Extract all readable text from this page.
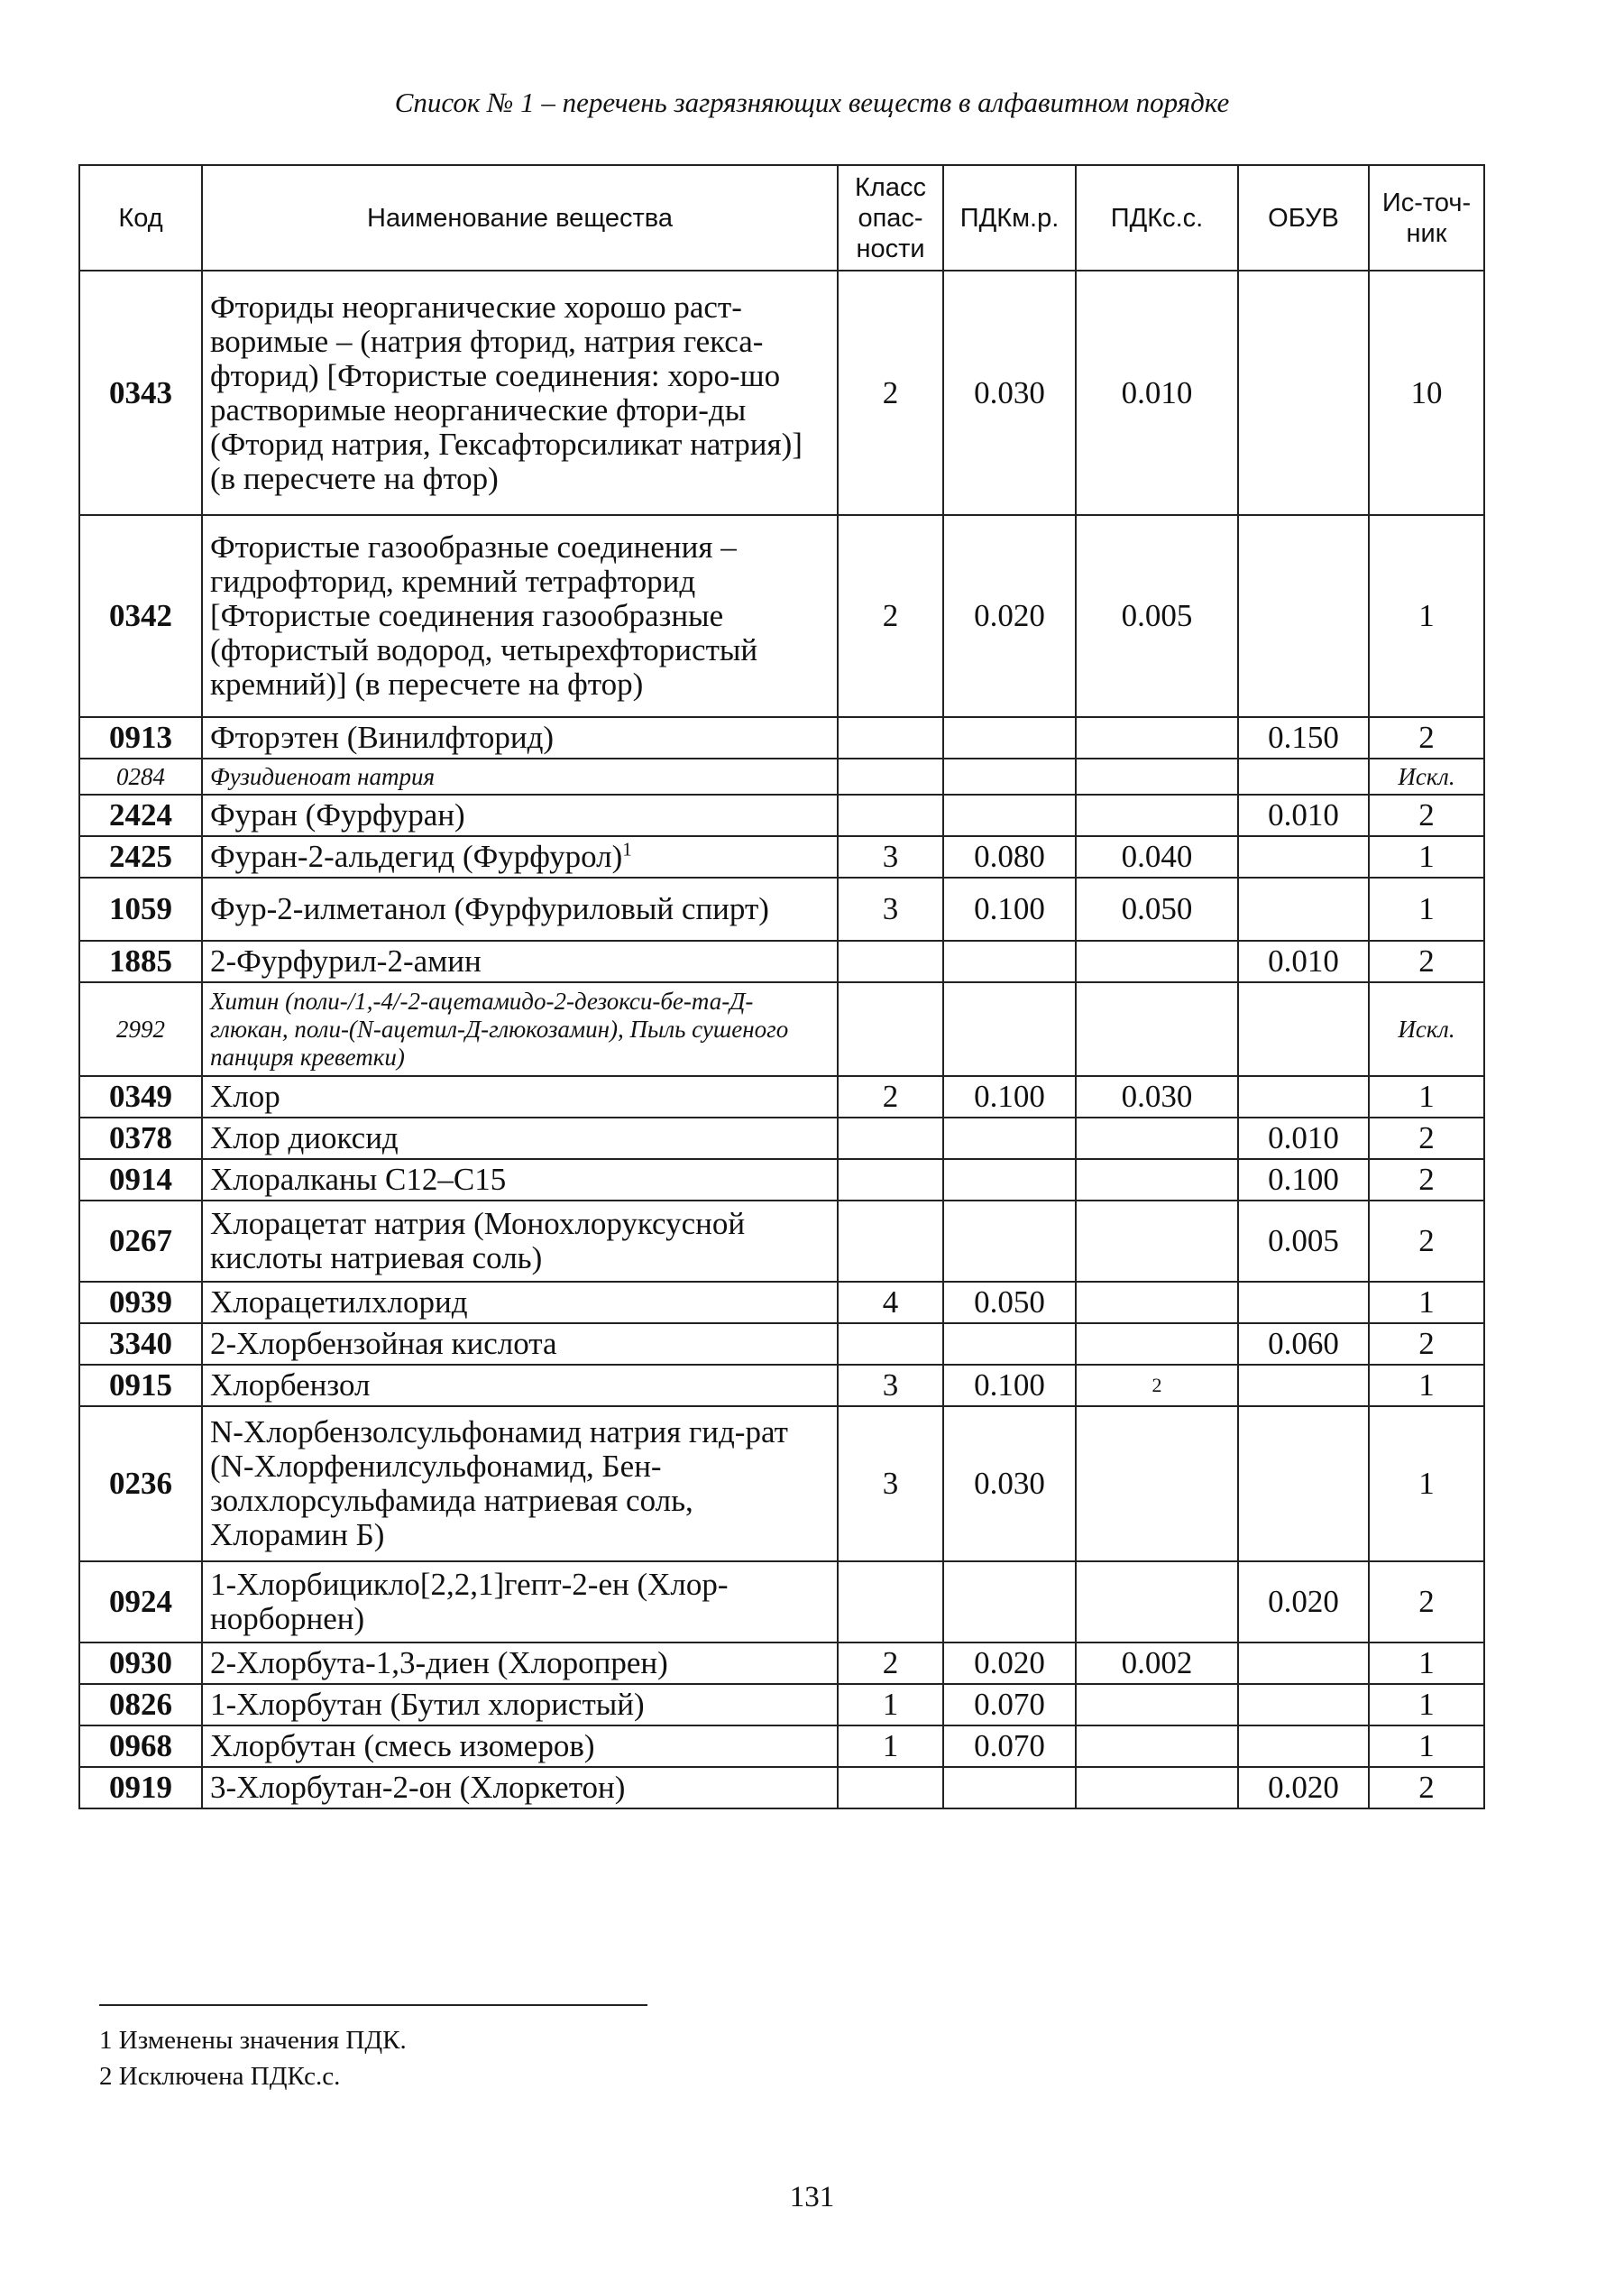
Список № 1 – перечень загрязняющих веществ в алфавитном порядке
Код	Наименование вещества	Класс опас-ности	ПДКм.р.	ПДКс.с.	ОБУВ	Ис-точ-ник
0343	Фториды неорганические хорошо раст-воримые – (натрия фторид, натрия гекса-фторид) [Фтористые соединения: хоро-шо растворимые неорганические фтори-ды (Фторид натрия, Гексафторсиликат натрия)] (в пересчете на фтор)	2	0.030	0.010		10
0342	Фтористые газообразные соединения – гидрофторид, кремний тетрафторид [Фтористые соединения газообразные (фтористый водород, четырехфтористый кремний)] (в пересчете на фтор)	2	0.020	0.005		1
0913	Фторэтен (Винилфторид)				0.150	2
0284	Фузидиеноат натрия					Искл.
2424	Фуран (Фурфуран)				0.010	2
2425	Фуран-2-альдегид (Фурфурол)$^1$	3	0.080	0.040		1
1059	Фур-2-илметанол (Фурфуриловый спирт)	3	0.100	0.050		1
1885	2-Фурфурил-2-амин				0.010	2
2992	Хитин (поли-/1,-4/-2-ацетамидо-2-дезокси-бе-та-Д-глюкан, поли-(N-ацетил-Д-глюкозамин), Пыль сушеного панциря креветки)					Искл.
0349	Хлор	2	0.100	0.030		1
0378	Хлор диоксид				0.010	2
0914	Хлоралканы C12–C15				0.100	2
0267	Хлорацетат натрия (Монохлоруксусной кислоты натриевая соль)				0.005	2
0939	Хлорацетилхлорид	4	0.050			1
3340	2-Хлорбензойная кислота				0.060	2
0915	Хлорбензол	3	0.100	$^2$		1
0236	N-Хлорбензолсульфонамид натрия гид-рат (N-Хлорфенилсульфонамид, Бен-золхлорсульфамида натриевая соль, Хлорамин Б)	3	0.030			1
0924	1-Хлорбицикло[2,2,1]гепт-2-ен (Хлор-норборнен)				0.020	2
0930	2-Хлорбута-1,3-диен (Хлоропрен)	2	0.020	0.002		1
0826	1-Хлорбутан (Бутил хлористый)	1	0.070			1
0968	Хлорбутан (смесь изомеров)	1	0.070			1
0919	3-Хлорбутан-2-он (Хлоркетон)				0.020	2
1 Изменены значения ПДК.
2 Исключена ПДКс.с.
131
